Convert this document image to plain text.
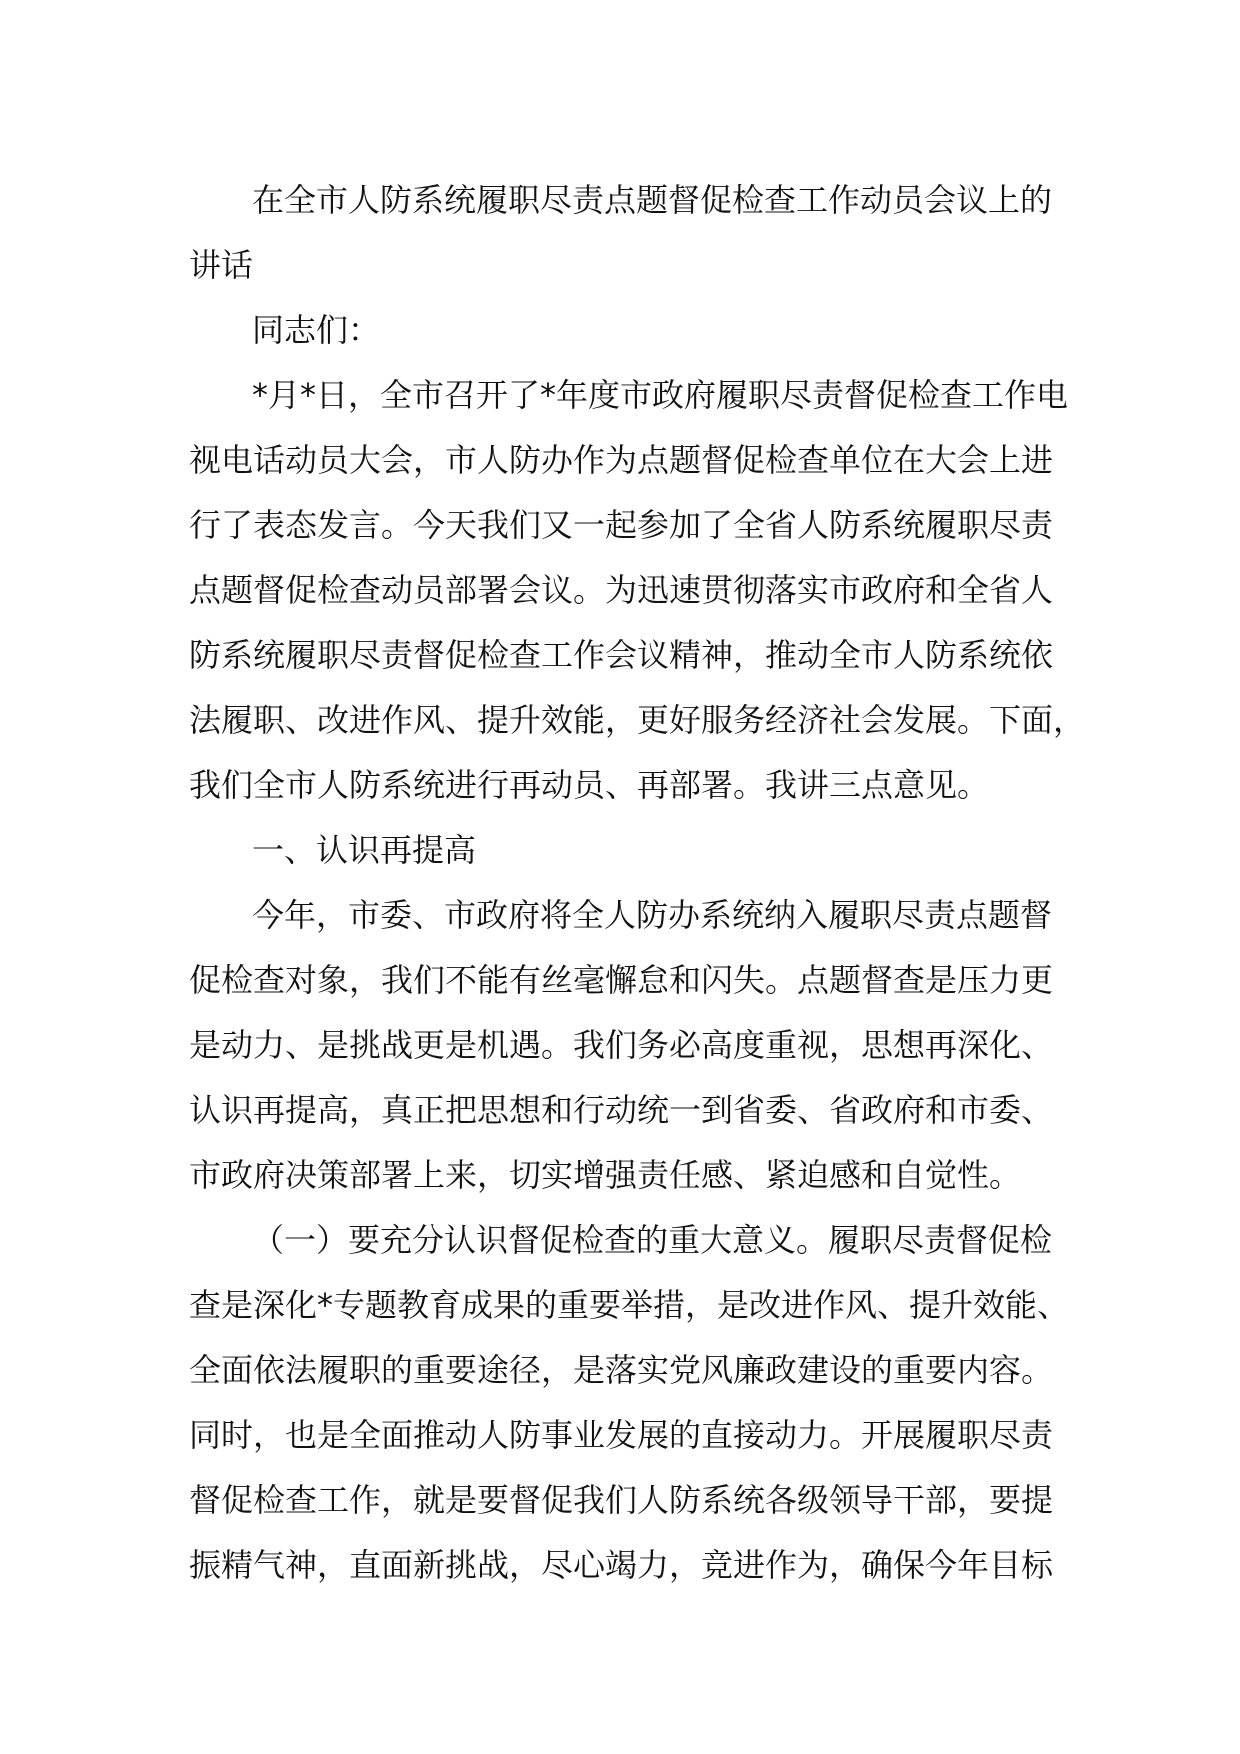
在全市人防系统履职尽责点题督促检查工作动员会议上的
讲话
同志们：
*月*日，全市召开了*年度市政府履职尽责督促检查工作电
视电话动员大会，市人防办作为点题督促检查单位在大会上进
行了表态发言。今天我们又一起参加了全省人防系统履职尽责
点题督促检查动员部署会议。为迅速贯彻落实市政府和全省人
防系统履职尽责督促检查工作会议精神，推动全市人防系统依
法履职、改进作风、提升效能，更好服务经济社会发展。下面，
我们全市人防系统进行再动员、再部署。我讲三点意见。
一、认识再提高
今年，市委、市政府将全人防办系统纳入履职尽责点题督
促检查对象，我们不能有丝毫懈怠和闪失。点题督查是压力更
是动力、是挑战更是机遇。我们务必高度重视，思想再深化、
认识再提高，真正把思想和行动统一到省委、省政府和市委、
市政府决策部署上来，切实增强责任感、紧迫感和自觉性。
（一）要充分认识督促检查的重大意义。履职尽责督促检
查是深化*专题教育成果的重要举措，是改进作风、提升效能、
全面依法履职的重要途径，是落实党风廉政建设的重要内容。
同时，也是全面推动人防事业发展的直接动力。开展履职尽责
督促检查工作，就是要督促我们人防系统各级领导干部，要提
振精气神，直面新挑战，尽心竭力，竞进作为，确保今年目标
